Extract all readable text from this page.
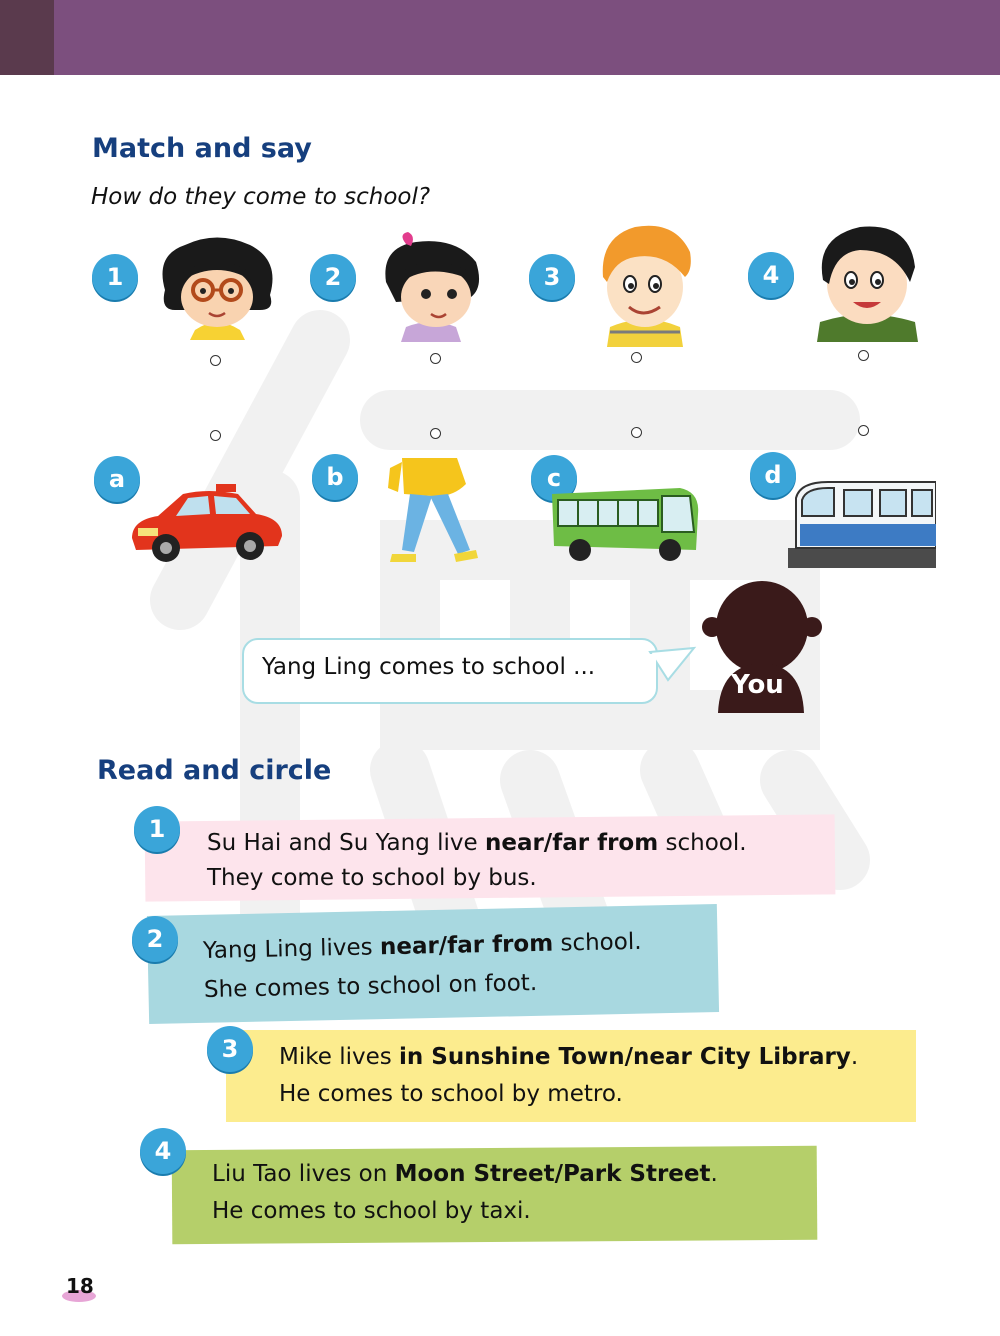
Match and say

How do they come to school?

1	2	3	4
a	b	c	d
Yang Ling comes to school ...
You
Read and circle
1	Su Hai and Su Yang live near/far from school.
They come to school by bus.
2	Yang Ling lives near/far from school.
She comes to school on foot.
3	Mike lives in Sunshine Town/near City Library.
He comes to school by metro.
4
Liu Tao lives on Moon Street/Park Street.
He comes to school by taxi.
18
